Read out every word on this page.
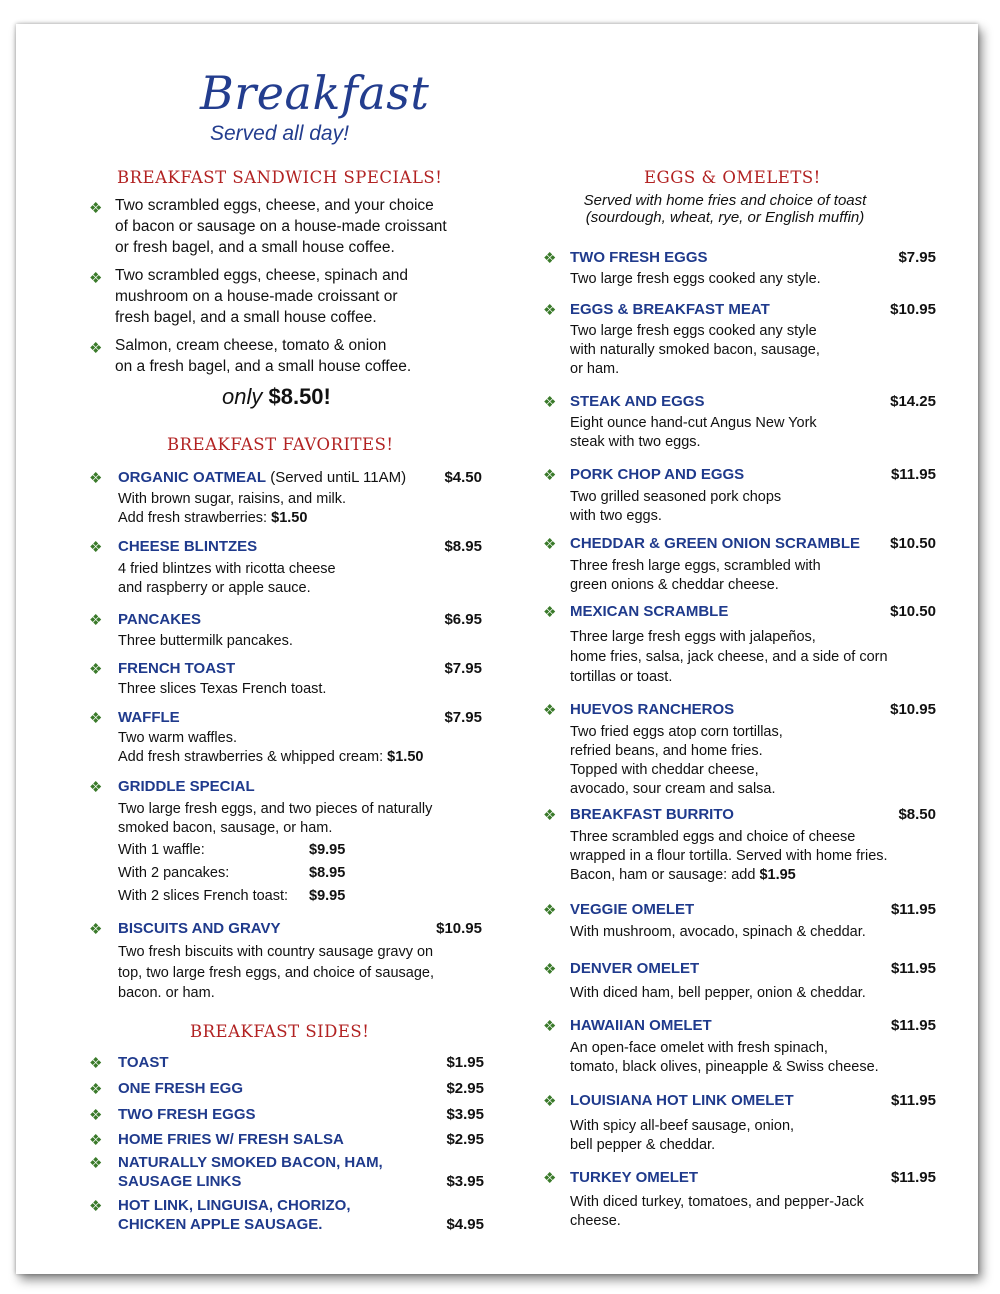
Breakfast
Served all day!
BREAKFAST SANDWICH SPECIALS!
❖ Two scrambled eggs, cheese, and your choice
of bacon or sausage on a house-made croissant
or fresh bagel, and a small house coffee.
❖ Two scrambled eggs, cheese, spinach and
mushroom on a house-made croissant or
fresh bagel, and a small house coffee.
❖ Salmon, cream cheese, tomato & onion
on a fresh bagel, and a small house coffee.
only $8.50!
BREAKFAST FAVORITES!
❖ ORGANIC OATMEAL (Served untiL 11AM)	$4.50
With brown sugar, raisins, and milk.
Add fresh strawberries: $1.50
❖ CHEESE BLINTZES	$8.95
4 fried blintzes with ricotta cheese
and raspberry or apple sauce.
❖ PANCAKES	$6.95
Three buttermilk pancakes.
❖ FRENCH TOAST	$7.95
Three slices Texas French toast.
❖ WAFFLE	$7.95
Two warm waffles.
Add fresh strawberries & whipped cream: $1.50
❖ GRIDDLE SPECIAL
Two large fresh eggs, and two pieces of naturally
smoked bacon, sausage, or ham.
With 1 waffle:	$9.95
With 2 pancakes:	$8.95
With 2 slices French toast: $9.95
❖ BISCUITS AND GRAVY	$10.95
Two fresh biscuits with country sausage gravy on
top, two large fresh eggs, and choice of sausage,
bacon. or ham.
BREAKFAST SIDES!
❖ TOAST	$1.95
❖ ONE FRESH EGG	$2.95
❖ TWO FRESH EGGS	$3.95
❖ HOME FRIES W/ FRESH SALSA	$2.95
❖ NATURALLY SMOKED BACON, HAM,
SAUSAGE LINKS	$3.95
❖ HOT LINK, LINGUISA, CHORIZO,
CHICKEN APPLE SAUSAGE.	$4.95
EGGS & OMELETS!
Served with home fries and choice of toast
(sourdough, wheat, rye, or English muffin)
❖ TWO FRESH EGGS	$7.95
Two large fresh eggs cooked any style.
❖ EGGS & BREAKFAST MEAT	$10.95
Two large fresh eggs cooked any style
with naturally smoked bacon, sausage,
or ham.
❖ STEAK AND EGGS	$14.25
Eight ounce hand-cut Angus New York
steak with two eggs.
❖ PORK CHOP AND EGGS	$11.95
Two grilled seasoned pork chops
with two eggs.
❖ CHEDDAR & GREEN ONION SCRAMBLE $10.50
Three fresh large eggs, scrambled with
green onions & cheddar cheese.
❖ MEXICAN SCRAMBLE	$10.50
Three large fresh eggs with jalapeños,
home fries, salsa, jack cheese, and a side of corn
tortillas or toast.
❖ HUEVOS RANCHEROS	$10.95
Two fried eggs atop corn tortillas,
refried beans, and home fries.
Topped with cheddar cheese,
avocado, sour cream and salsa.
❖ BREAKFAST BURRITO	$8.50
Three scrambled eggs and choice of cheese
wrapped in a flour tortilla. Served with home fries.
Bacon, ham or sausage: add $1.95
❖ VEGGIE OMELET	$11.95
With mushroom, avocado, spinach & cheddar.
❖ DENVER OMELET	$11.95
With diced ham, bell pepper, onion & cheddar.
❖ HAWAIIAN OMELET	$11.95
An open-face omelet with fresh spinach,
tomato, black olives, pineapple & Swiss cheese.
❖ LOUISIANA HOT LINK OMELET	$11.95
With spicy all-beef sausage, onion,
bell pepper & cheddar.
❖ TURKEY OMELET	$11.95
With diced turkey, tomatoes, and pepper-Jack
cheese.
